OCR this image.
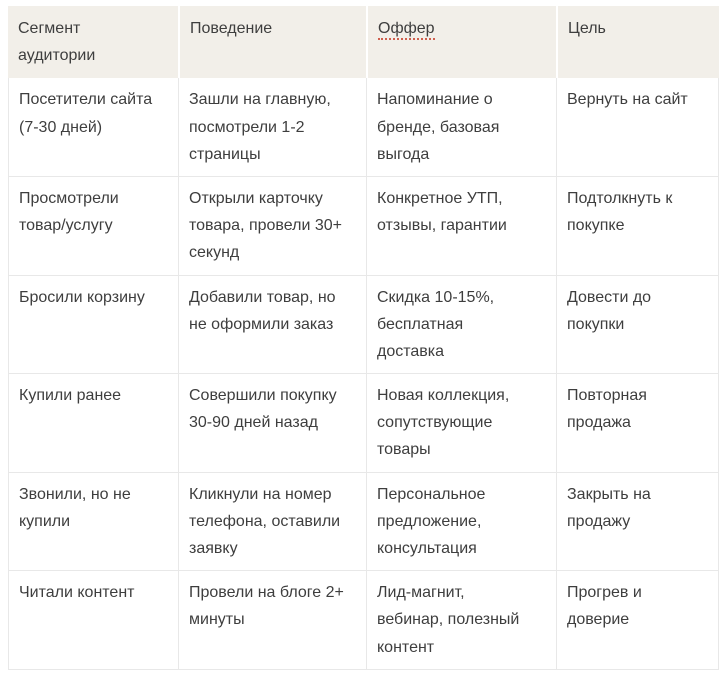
Сегмент аудитории	Поведение	Оффер	Цель
Посетители сайта (7-30 дней)	Зашли на главную, посмотрели 1-2 страницы	Напоминание о бренде, базовая выгода	Вернуть на сайт
Просмотрели товар/услугу	Открыли карточку товара, провели 30+ секунд	Конкретное УТП, отзывы, гарантии	Подтолкнуть к покупке
Бросили корзину	Добавили товар, но не оформили заказ	Скидка 10-15%, бесплатная доставка	Довести до покупки
Купили ранее	Совершили покупку 30-90 дней назад	Новая коллекция, сопутствующие товары	Повторная продажа
Звонили, но не купили	Кликнули на номер телефона, оставили заявку	Персональное предложение, консультация	Закрыть на продажу
Читали контент	Провели на блоге 2+ минуты	Лид-магнит, вебинар, полезный контент	Прогрев и доверие
